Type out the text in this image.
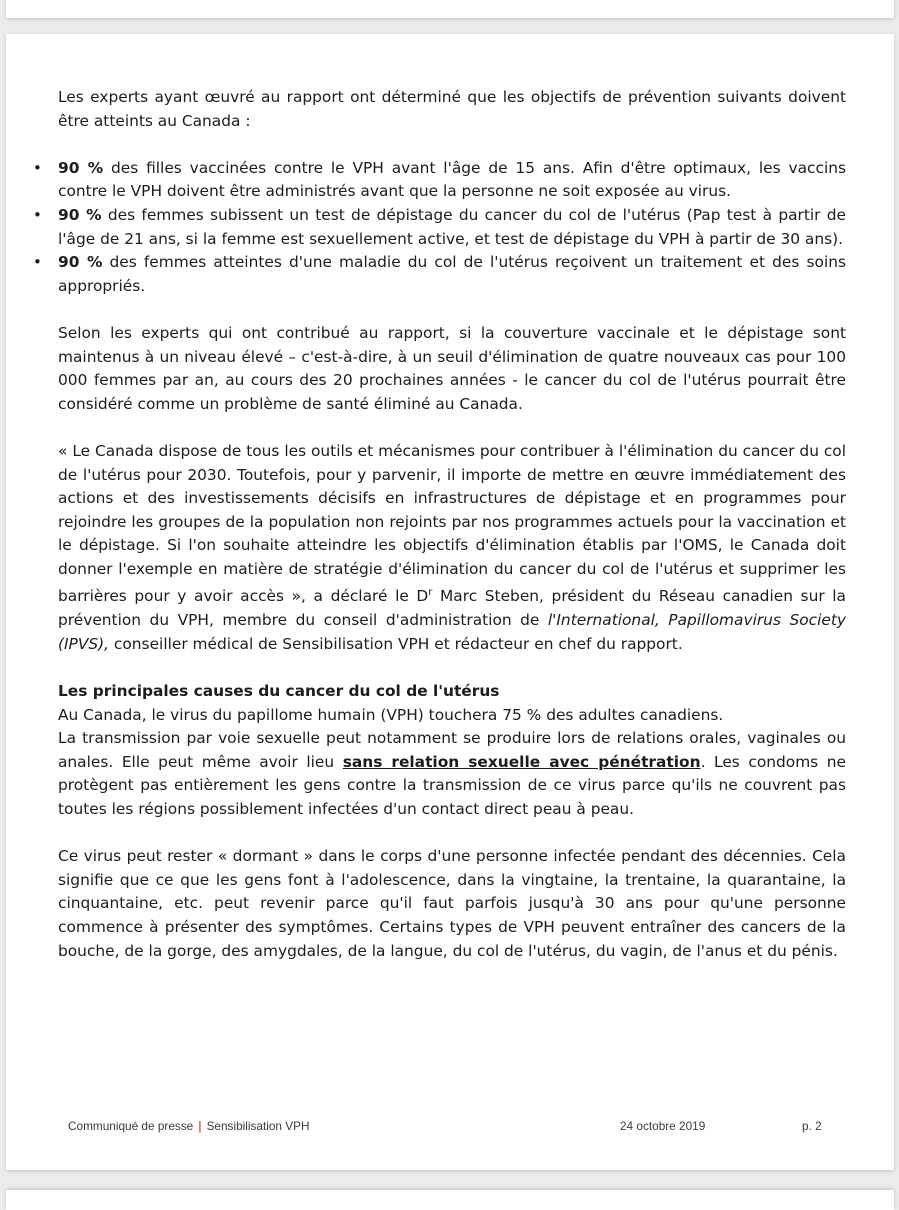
Les experts ayant œuvré au rapport ont déterminé que les objectifs de prévention suivants doivent être atteints au Canada :

• 90 % des filles vaccinées contre le VPH avant l'âge de 15 ans. Afin d'être optimaux, les vaccins contre le VPH doivent être administrés avant que la personne ne soit exposée au virus.
• 90 % des femmes subissent un test de dépistage du cancer du col de l'utérus (Pap test à partir de l'âge de 21 ans, si la femme est sexuellement active, et test de dépistage du VPH à partir de 30 ans).
• 90 % des femmes atteintes d'une maladie du col de l'utérus reçoivent un traitement et des soins appropriés.

Selon les experts qui ont contribué au rapport, si la couverture vaccinale et le dépistage sont maintenus à un niveau élevé – c'est-à-dire, à un seuil d'élimination de quatre nouveaux cas pour 100 000 femmes par an, au cours des 20 prochaines années - le cancer du col de l'utérus pourrait être considéré comme un problème de santé éliminé au Canada.

« Le Canada dispose de tous les outils et mécanismes pour contribuer à l'élimination du cancer du col de l'utérus pour 2030. Toutefois, pour y parvenir, il importe de mettre en œuvre immédiatement des actions et des investissements décisifs en infrastructures de dépistage et en programmes pour rejoindre les groupes de la population non rejoints par nos programmes actuels pour la vaccination et le dépistage. Si l'on souhaite atteindre les objectifs d'élimination établis par l'OMS, le Canada doit donner l'exemple en matière de stratégie d'élimination du cancer du col de l'utérus et supprimer les barrières pour y avoir accès », a déclaré le $D^r$ Marc Steben, président du Réseau canadien sur la prévention du VPH, membre du conseil d'administration de l'International, Papillomavirus Society (IPVS), conseiller médical de Sensibilisation VPH et rédacteur en chef du rapport.

Les principales causes du cancer du col de l'utérus

Au Canada, le virus du papillome humain (VPH) touchera 75 % des adultes canadiens.

La transmission par voie sexuelle peut notamment se produire lors de relations orales, vaginales ou anales. Elle peut même avoir lieu sans relation sexuelle avec pénétration. Les condoms ne protègent pas entièrement les gens contre la transmission de ce virus parce qu'ils ne couvrent pas toutes les régions possiblement infectées d'un contact direct peau à peau.

Ce virus peut rester « dormant » dans le corps d'une personne infectée pendant des décennies. Cela signifie que ce que les gens font à l'adolescence, dans la vingtaine, la trentaine, la quarantaine, la cinquantaine, etc. peut revenir parce qu'il faut parfois jusqu'à 30 ans pour qu'une personne commence à présenter des symptômes. Certains types de VPH peuvent entraîner des cancers de la bouche, de la gorge, des amygdales, de la langue, du col de l'utérus, du vagin, de l'anus et du pénis.

Communiqué de presse | Sensibilisation VPH	24 octobre 2019	p. 2
